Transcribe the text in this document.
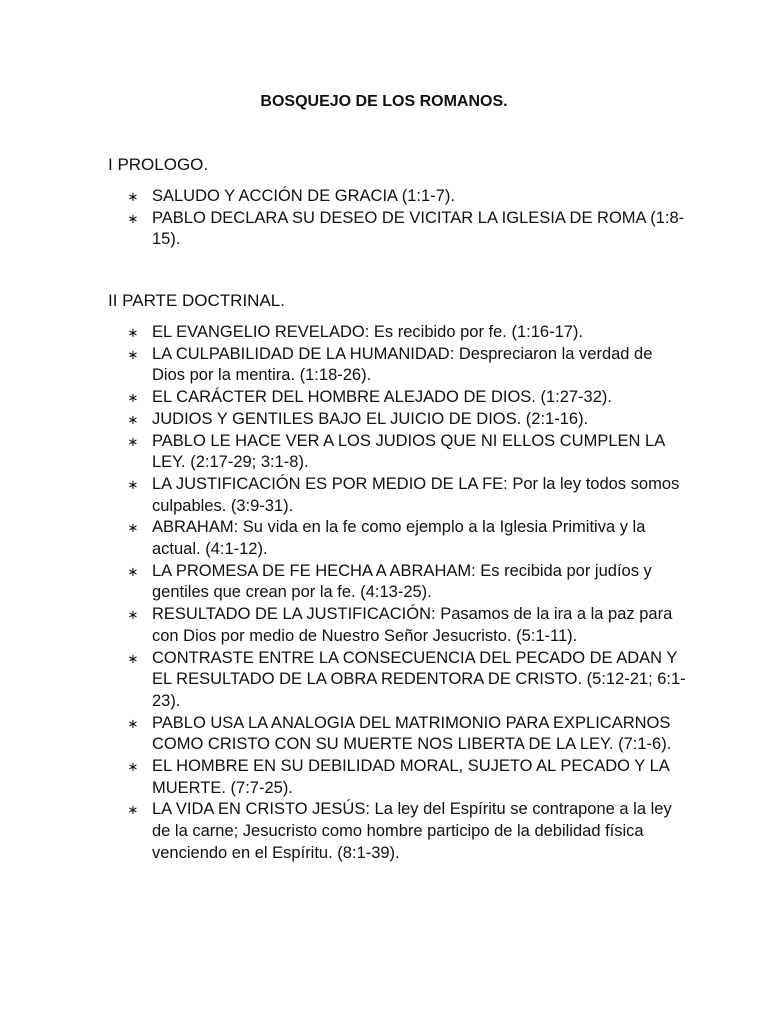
BOSQUEJO DE LOS ROMANOS.
I PROLOGO.
∗ SALUDO Y ACCIÓN DE GRACIA (1:1-7).
∗ PABLO DECLARA SU DESEO DE VICITAR LA IGLESIA DE ROMA (1:8-15).
II PARTE DOCTRINAL.
∗ EL EVANGELIO REVELADO: Es recibido por fe. (1:16-17).
∗ LA CULPABILIDAD DE LA HUMANIDAD: Despreciaron la verdad de Dios por la mentira. (1:18-26).
∗ EL CARÁCTER DEL HOMBRE ALEJADO DE DIOS. (1:27-32).
∗ JUDIOS Y GENTILES BAJO EL JUICIO DE DIOS. (2:1-16).
∗ PABLO LE HACE VER A LOS JUDIOS QUE NI ELLOS CUMPLEN LA LEY. (2:17-29; 3:1-8).
∗ LA JUSTIFICACIÓN ES POR MEDIO DE LA FE: Por la ley todos somos culpables. (3:9-31).
∗ ABRAHAM: Su vida en la fe como ejemplo a la Iglesia Primitiva y la actual. (4:1-12).
∗ LA PROMESA DE FE HECHA A ABRAHAM: Es recibida por judíos y gentiles que crean por la fe. (4:13-25).
∗ RESULTADO DE LA JUSTIFICACIÓN: Pasamos de la ira a la paz para con Dios por medio de Nuestro Señor Jesucristo. (5:1-11).
∗ CONTRASTE ENTRE LA CONSECUENCIA DEL PECADO DE ADAN Y EL RESULTADO DE LA OBRA REDENTORA DE CRISTO. (5:12-21; 6:1-23).
∗ PABLO USA LA ANALOGIA DEL MATRIMONIO PARA EXPLICARNOS COMO CRISTO CON SU MUERTE NOS LIBERTA DE LA LEY. (7:1-6).
∗ EL HOMBRE EN SU DEBILIDAD MORAL, SUJETO AL PECADO Y LA MUERTE. (7:7-25).
∗ LA VIDA EN CRISTO JESÚS: La ley del Espíritu se contrapone a la ley de la carne; Jesucristo como hombre participo de la debilidad física venciendo en el Espíritu. (8:1-39).
